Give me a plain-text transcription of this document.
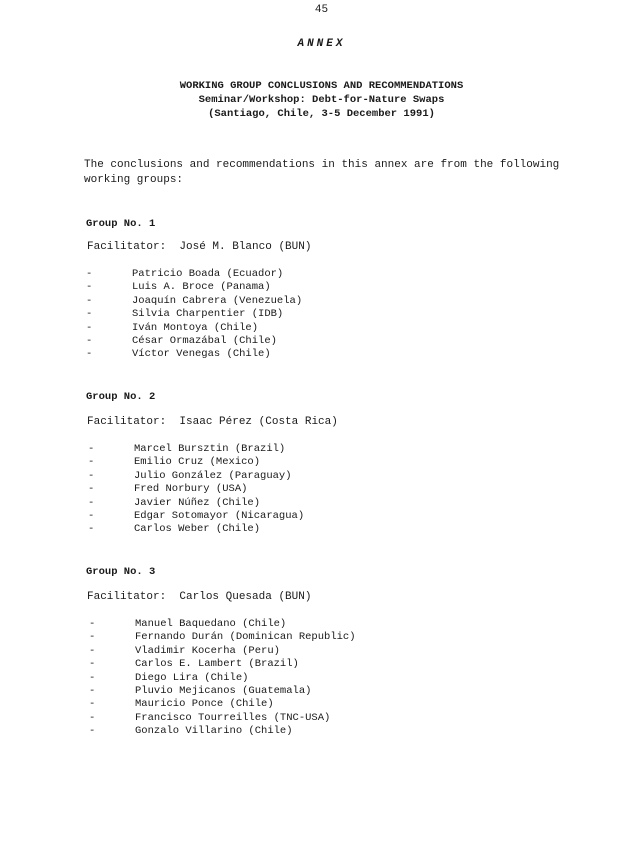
45
ANNEX
WORKING GROUP CONCLUSIONS AND RECOMMENDATIONS
Seminar/Workshop: Debt-for-Nature Swaps
(Santiago, Chile, 3-5 December 1991)
The conclusions and recommendations in this annex are from the following working groups:
Group No. 1
Facilitator: José M. Blanco (BUN)
-	Patricio Boada (Ecuador)
-	Luis A. Broce (Panama)
-	Joaquín Cabrera (Venezuela)
-	Silvia Charpentier (IDB)
-	Iván Montoya (Chile)
-	César Ormazábal (Chile)
-	Víctor Venegas (Chile)
Group No. 2
Facilitator: Isaac Pérez (Costa Rica)
-	Marcel Bursztin (Brazil)
-	Emilio Cruz (Mexico)
-	Julio González (Paraguay)
-	Fred Norbury (USA)
-	Javier Núñez (Chile)
-	Edgar Sotomayor (Nicaragua)
-	Carlos Weber (Chile)
Group No. 3
Facilitator: Carlos Quesada (BUN)
-	Manuel Baquedano (Chile)
-	Fernando Durán (Dominican Republic)
-	Vladimir Kocerha (Peru)
-	Carlos E. Lambert (Brazil)
-	Diego Lira (Chile)
-	Pluvio Mejicanos (Guatemala)
-	Mauricio Ponce (Chile)
-	Francisco Tourreilles (TNC-USA)
-	Gonzalo Villarino (Chile)
